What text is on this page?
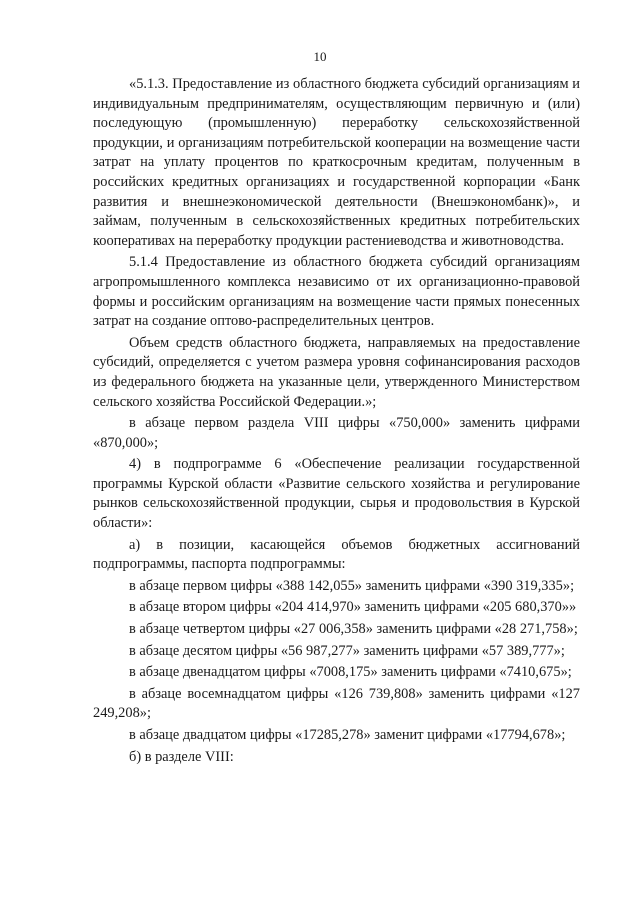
10

«5.1.3. Предоставление из областного бюджета субсидий организациям и индивидуальным предпринимателям, осуществляющим первичную и (или) последующую (промышленную) переработку сельскохозяйственной продукции, и организациям потребительской кооперации на возмещение части затрат на уплату процентов по краткосрочным кредитам, полученным в российских кредитных организациях и государственной корпорации «Банк развития и внешнеэкономической деятельности (Внешэкономбанк)», и займам, полученным в сельскохозяйственных кредитных потребительских кооперативах на переработку продукции растениеводства и животноводства.

5.1.4 Предоставление из областного бюджета субсидий организациям агропромышленного комплекса независимо от их организационно-правовой формы и российским организациям на возмещение части прямых понесенных затрат на создание оптово-распределительных центров.

Объем средств областного бюджета, направляемых на предоставление субсидий, определяется с учетом размера уровня софинансирования расходов из федерального бюджета на указанные цели, утвержденного Министерством сельского хозяйства Российской Федерации.»;

в абзаце первом раздела VIII цифры «750,000» заменить цифрами «870,000»;

4) в подпрограмме 6 «Обеспечение реализации государственной программы Курской области «Развитие сельского хозяйства и регулирование рынков сельскохозяйственной продукции, сырья и продовольствия в Курской области»:

а) в позиции, касающейся объемов бюджетных ассигнований подпрограммы, паспорта подпрограммы:

в абзаце первом цифры «388 142,055» заменить цифрами «390 319,335»;

в абзаце втором цифры «204 414,970» заменить цифрами «205 680,370»»

в абзаце четвертом цифры «27 006,358» заменить цифрами «28 271,758»;

в абзаце десятом цифры «56 987,277» заменить цифрами «57 389,777»;

в абзаце двенадцатом цифры «7008,175» заменить цифрами «7410,675»;

в абзаце восемнадцатом цифры «126 739,808» заменить цифрами «127 249,208»;

в абзаце двадцатом цифры «17285,278» заменит цифрами «17794,678»;

б) в разделе VIII:
